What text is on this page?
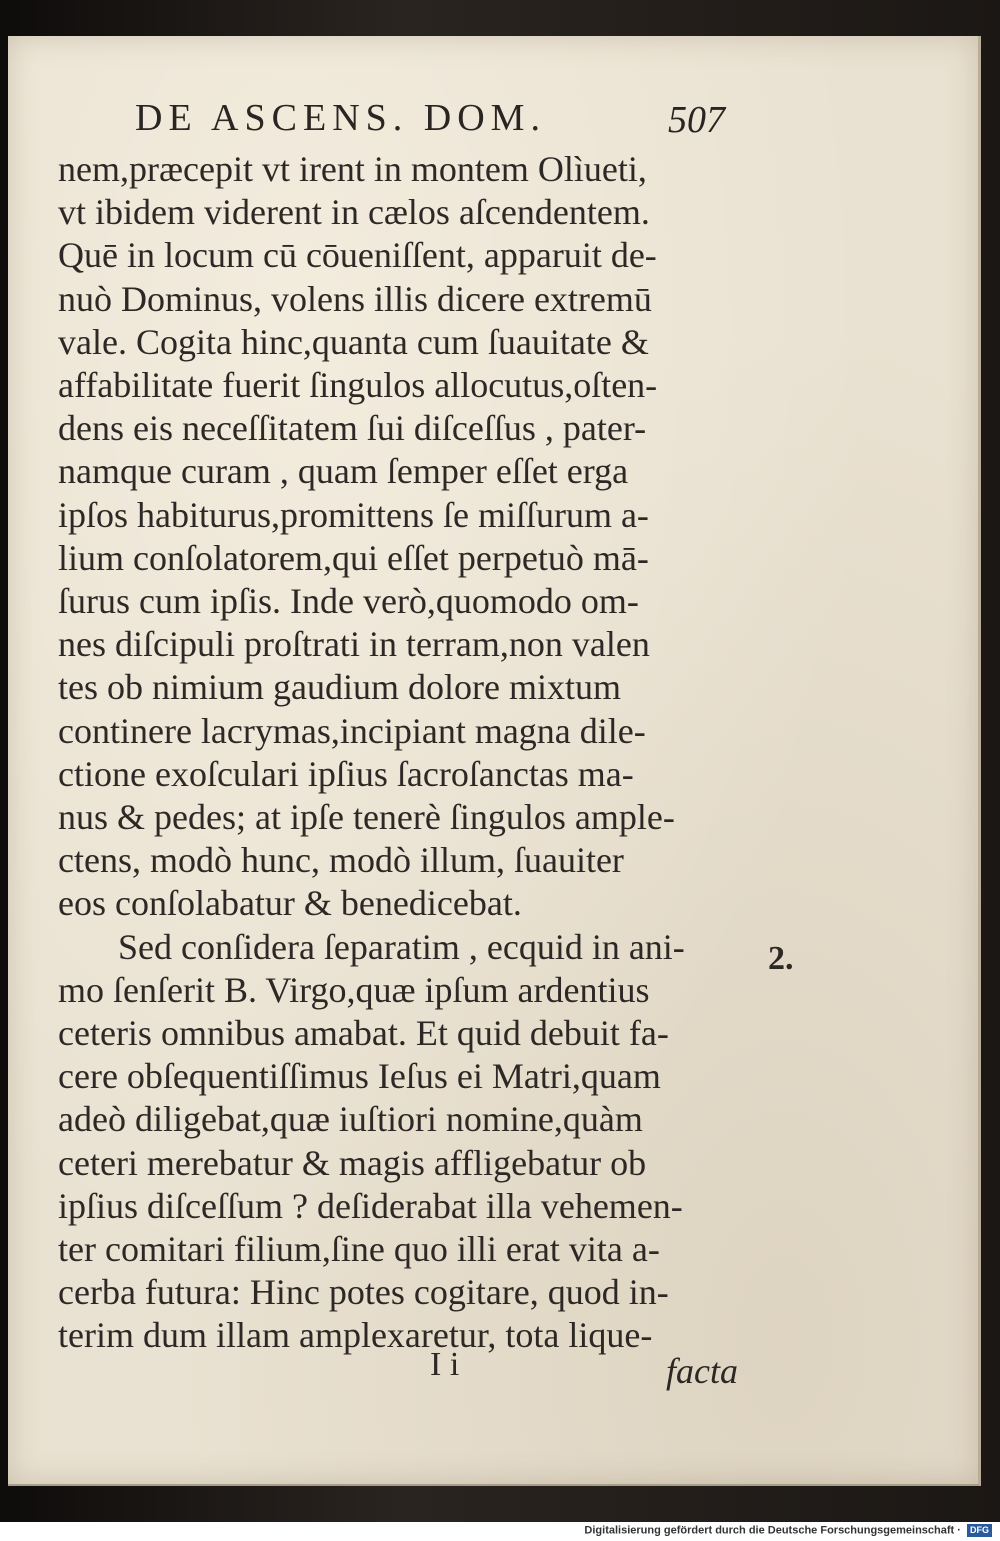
DE ASCENS. DOM.	507
nem,præcepit vt irent in montem Olìueti,
vt ibidem viderent in cælos aſcendentem.
Quē in locum cū cōueniſſent, apparuit de-
nuò Dominus, volens illis dicere extremū
vale. Cogita hinc,quanta cum ſuauitate &
affabilitate fuerit ſingulos allocutus,oſten-
dens eis neceſſitatem ſui diſceſſus , pater-
namque curam , quam ſemper eſſet erga
ipſos habiturus,promittens ſe miſſurum a-
lium conſolatorem,qui eſſet perpetuò mā-
ſurus cum ipſis. Inde verò,quomodo om-
nes diſcipuli proſtrati in terram,non valen
tes ob nimium gaudium dolore mixtum
continere lacrymas,incipiant magna dile-
ctione exoſculari ipſius ſacroſanctas ma-
nus & pedes; at ipſe tenerè ſingulos ample-
ctens, modò hunc, modò illum, ſuauiter
eos conſolabatur & benedicebat.
Sed conſidera ſeparatim , ecquid in ani-
mo ſenſerit B. Virgo,quæ ipſum ardentius
ceteris omnibus amabat. Et quid debuit fa-
cere obſequentiſſimus Ieſus ei Matri,quam
adeò diligebat,quæ iuſtiori nomine,quàm
ceteri merebatur & magis affligebatur ob
ipſius diſceſſum ? deſiderabat illa vehemen-
ter comitari filium,ſine quo illi erat vita a-
cerba futura: Hinc potes cogitare, quod in-
terim dum illam amplexaretur, tota lique-
2.
I i	facta
Digitalisierung gefördert durch die Deutsche Forschungsgemeinschaft · DFG
